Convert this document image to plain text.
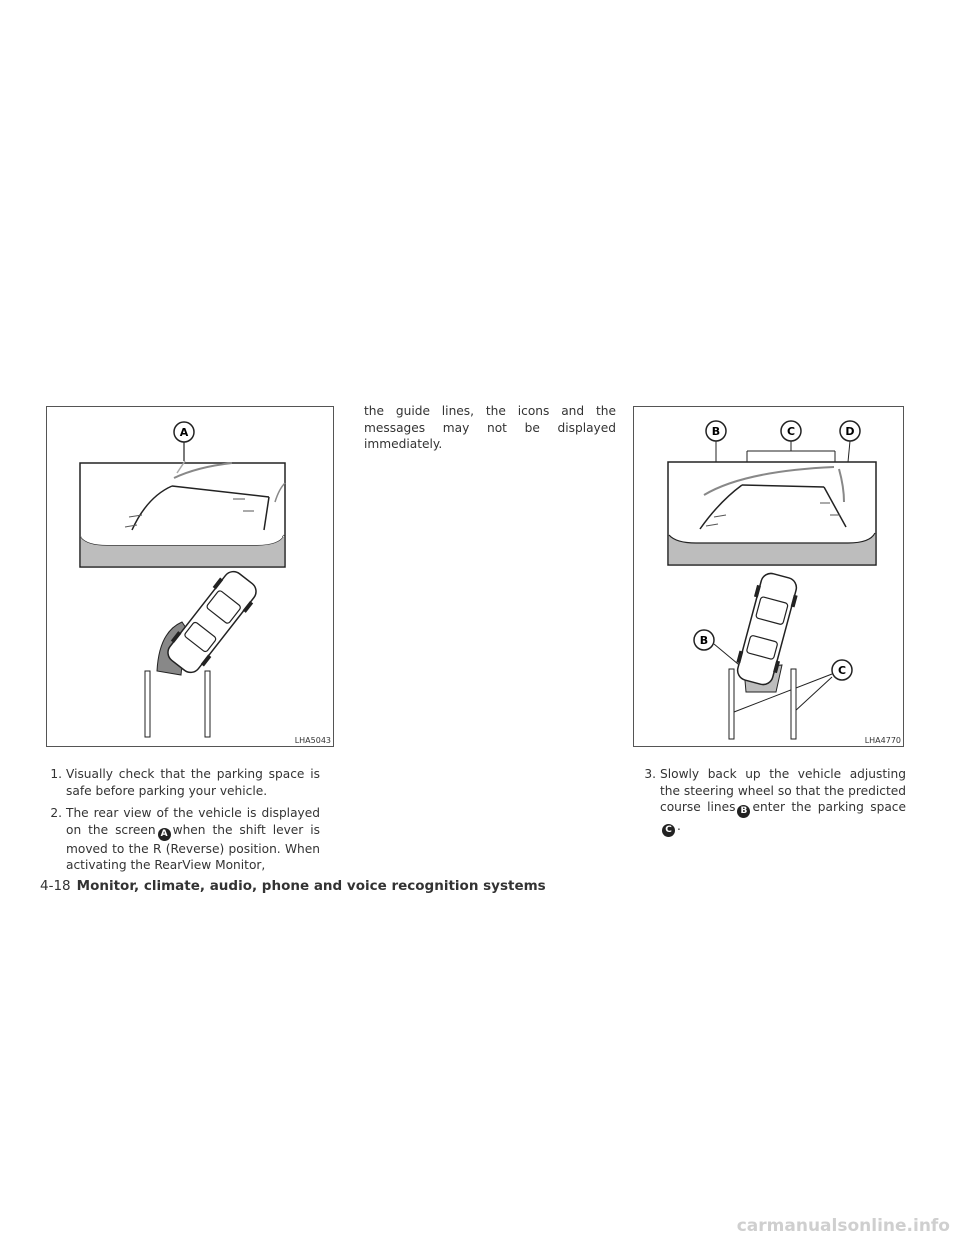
A
LHA5043
B	C	D
B
C
LHA4770
1. Visually check that the parking space is safe before parking your vehicle.
2. The rear view of the vehicle is displayed on the screen A when the shift lever is moved to the R (Reverse) position. When activating the RearView Monitor,

the guide lines, the icons and the messages may not be displayed immediately.

3. Slowly back up the vehicle adjusting the steering wheel so that the predicted course lines B enter the parking spaceC .
4-18 Monitor, climate, audio, phone and voice recognition systems
carmanualsonline.info
